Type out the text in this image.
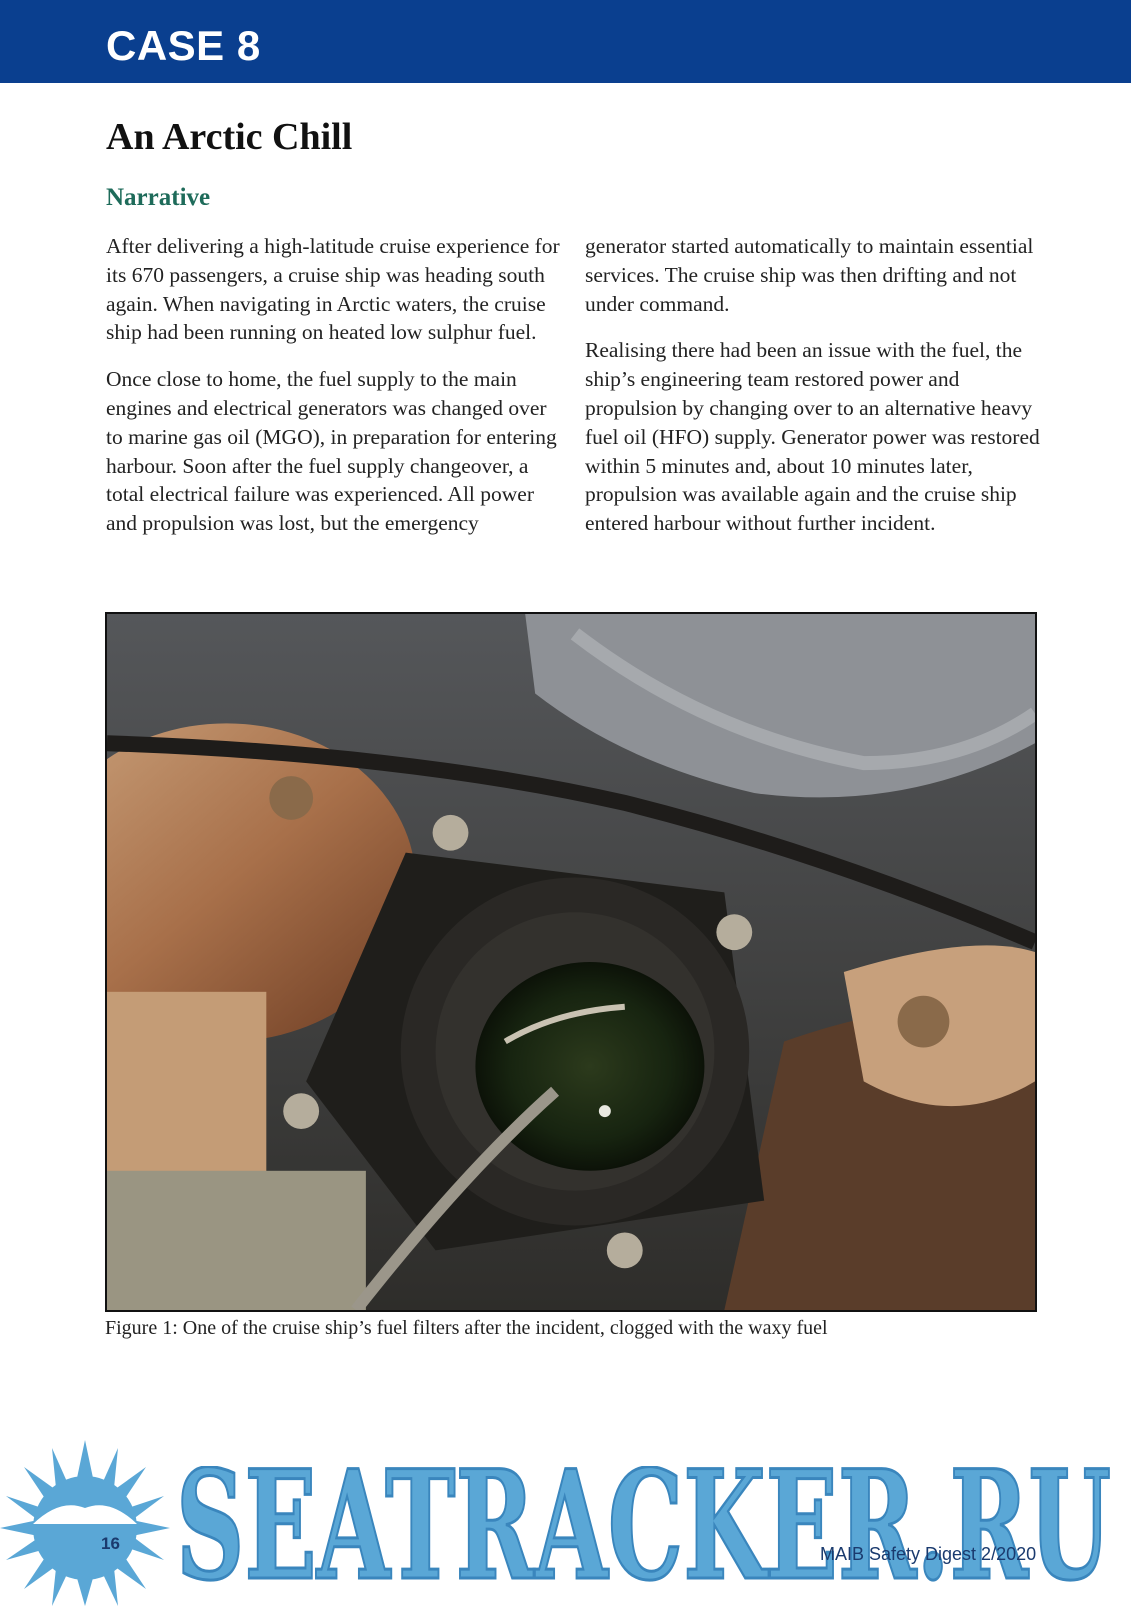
CASE 8
An Arctic Chill
Narrative

After delivering a high-latitude cruise experience for its 670 passengers, a cruise ship was heading south again. When navigating in Arctic waters, the cruise ship had been running on heated low sulphur fuel.

Once close to home, the fuel supply to the main engines and electrical generators was changed over to marine gas oil (MGO), in preparation for entering harbour. Soon after the fuel supply changeover, a total electrical failure was experienced. All power and propulsion was lost, but the emergency

generator started automatically to maintain essential services. The cruise ship was then drifting and not under command.

Realising there had been an issue with the fuel, the ship’s engineering team restored power and propulsion by changing over to an alternative heavy fuel oil (HFO) supply. Generator power was restored within 5 minutes and, about 10 minutes later, propulsion was available again and the cruise ship entered harbour without further incident.

Figure 1: One of the cruise ship’s fuel filters after the incident, clogged with the waxy fuel

SEATRACKER.RU
16
MAIB Safety Digest 2/2020
